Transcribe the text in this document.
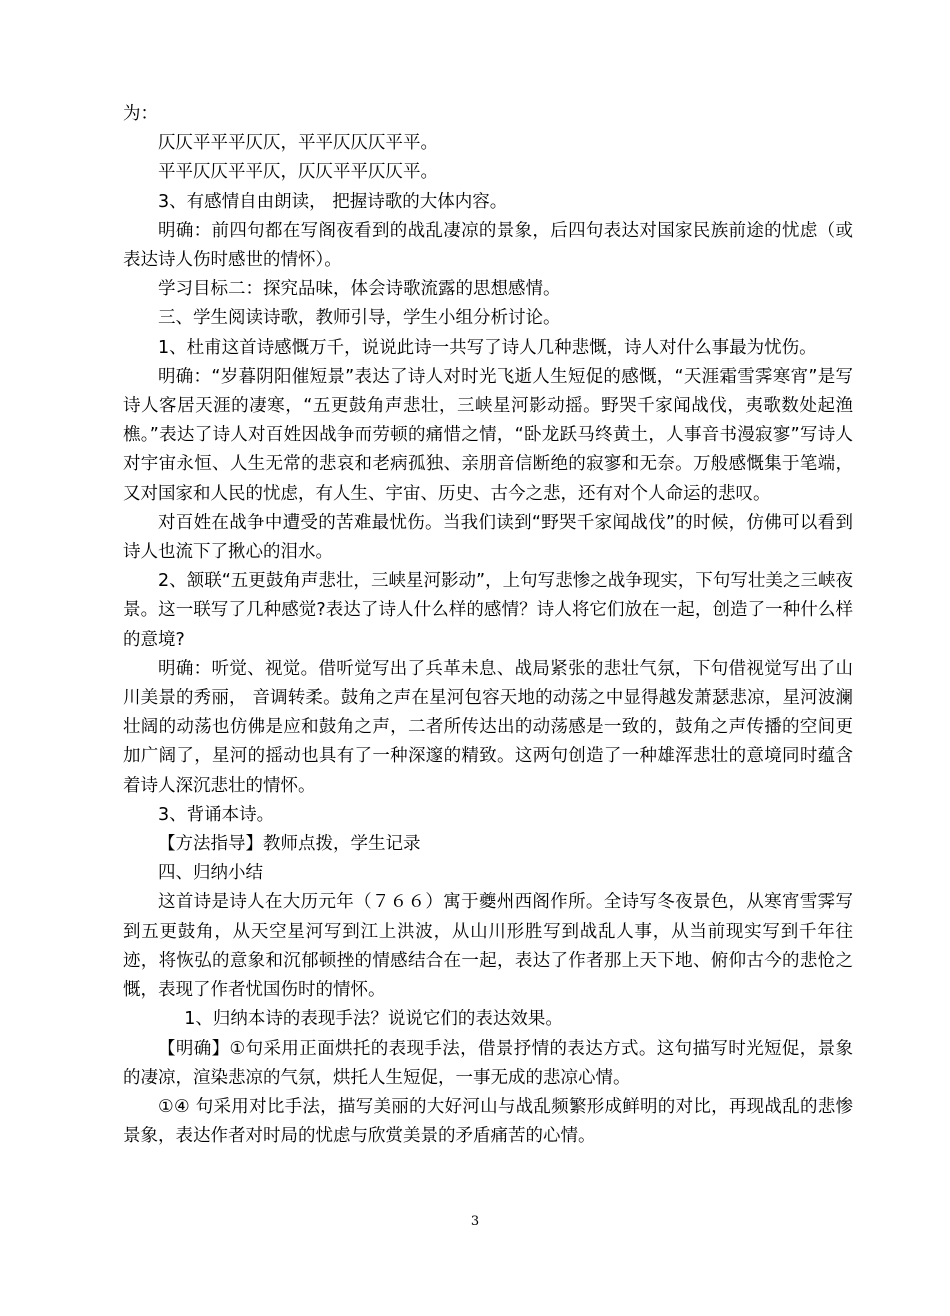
为：

仄仄平平平仄仄，平平仄仄仄平平。

平平仄仄平平仄，仄仄平平仄仄平。

3、有感情自由朗读， 把握诗歌的大体内容。

明确：前四句都在写阁夜看到的战乱凄凉的景象，后四句表达对国家民族前途的忧虑（或表达诗人伤时感世的情怀）。

学习目标二：探究品味，体会诗歌流露的思想感情。

三、学生阅读诗歌，教师引导，学生小组分析讨论。

1、杜甫这首诗感慨万千，说说此诗一共写了诗人几种悲慨，诗人对什么事最为忧伤。

明确：“岁暮阴阳催短景”表达了诗人对时光飞逝人生短促的感慨，“天涯霜雪霁寒宵”是写诗人客居天涯的凄寒，“五更鼓角声悲壮，三峡星河影动摇。野哭千家闻战伐，夷歌数处起渔樵。”表达了诗人对百姓因战争而劳顿的痛惜之情，“卧龙跃马终黄土，人事音书漫寂寥”写诗人对宇宙永恒、人生无常的悲哀和老病孤独、亲朋音信断绝的寂寥和无奈。万般感慨集于笔端，又对国家和人民的忧虑，有人生、宇宙、历史、古今之悲，还有对个人命运的悲叹。

对百姓在战争中遭受的苦难最忧伤。当我们读到“野哭千家闻战伐”的时候，仿佛可以看到诗人也流下了揪心的泪水。

2、颔联“五更鼓角声悲壮，三峡星河影动”，上句写悲惨之战争现实，下句写壮美之三峡夜景。这一联写了几种感觉?表达了诗人什么样的感情？诗人将它们放在一起，创造了一种什么样的意境?

明确：听觉、视觉。借听觉写出了兵革未息、战局紧张的悲壮气氛，下句借视觉写出了山川美景的秀丽， 音调转柔。鼓角之声在星河包容天地的动荡之中显得越发萧瑟悲凉，星河波澜壮阔的动荡也仿佛是应和鼓角之声，二者所传达出的动荡感是一致的，鼓角之声传播的空间更加广阔了，星河的摇动也具有了一种深邃的精致。这两句创造了一种雄浑悲壮的意境同时蕴含着诗人深沉悲壮的情怀。

3、背诵本诗。

【方法指导】教师点拨，学生记录

四、归纳小结

这首诗是诗人在大历元年（７６６）寓于夔州西阁作所。全诗写冬夜景色，从寒宵雪霁写到五更鼓角，从天空星河写到江上洪波，从山川形胜写到战乱人事，从当前现实写到千年往迹，将恢弘的意象和沉郁顿挫的情感结合在一起，表达了作者那上天下地、俯仰古今的悲怆之慨，表现了作者忧国伤时的情怀。

1、归纳本诗的表现手法？说说它们的表达效果。

【明确】①句采用正面烘托的表现手法，借景抒情的表达方式。这句描写时光短促，景象的凄凉，渲染悲凉的气氛，烘托人生短促，一事无成的悲凉心情。

①④ 句采用对比手法，描写美丽的大好河山与战乱频繁形成鲜明的对比，再现战乱的悲惨景象，表达作者对时局的忧虑与欣赏美景的矛盾痛苦的心情。

3
